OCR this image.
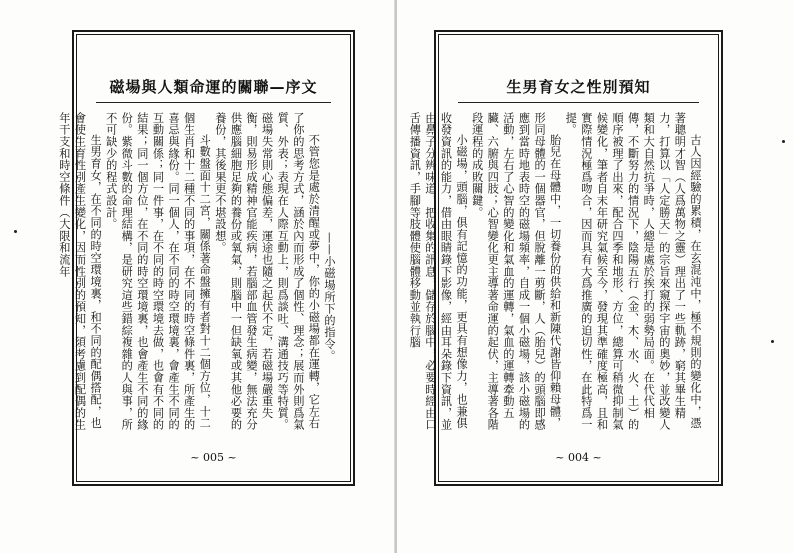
磁場與人類命運的關聯—序文

——小磁場所下的指令。

不管您是處於清醒或夢中，你的小磁場都在運轉，它左右了你的思考方式，涵於內而形成了個性、理念；展而外則爲氣質、外表；表現在人際互動上，則爲談吐、溝通技巧等特質。磁場失常則心態偏差，運途也隨之起伏不定，若磁場嚴重失衡，則易形成精神官能疾病，若腦部血管發生病變，無法充分供應腦細胞足夠的養份或氧氣，則腦中一但缺氧或其他必要的養份，其後果更不堪設想。

斗數盤面十二宮，關係著命盤擁有者對十二個方位，十二個生肖和十二種不同的事項，在不同的時空條件裏，所產生的喜忌與緣份。同一個人，在不同的時空環境裏，會產生不同的互動關係；同一件事，在不同的時空環境去做，也會有不同的結果；同一個方位，在不同的時空環境裏，也會產生不同的緣份。紫微斗數的命理結構，是研究這些錯綜複雜的人與事，所不可缺少的程式設計。

生男育女，在不同的時空環境裏，和不同的配偶搭配，也會使生育性別產生變化，因而性別的預知，須考慮到配偶的生年干支和時空條件（大限和流年

~ 005 ~
生男育女之性別預知

古人因經驗的累積，在玄混沌中，極不規則的變化中，憑著聰明才智（人爲萬物之靈）理出了一些軌跡，窮其畢生精力，打算以「人定勝天」的宗旨來窺探宇宙的奧妙，並改變人類和大自然抗爭時，人總是處於挨打的弱勢局面。在代代相傳，不斷努力的情況下，陰陽五行（金、木、水、火、土）的順序被理了出來，配合四季和地形、方位，總算可稍微抑制氣候變化，筆者自末年研究氣候至今，發現其準確度極高，且和實際情況極爲吻合，因而具有大爲推廣的迫切性，在此特爲一提。

胎兒在母體中，一切養份的供給和新陳代謝皆仰賴母體，形同母體的一個器官，但脫離一剪斷，人（胎兒）的頭腦即感應到當時地表時空的磁場頻率，自成一個小磁場，該小磁場的活動，左右了心智的變化和氣血的運轉，氣血的運轉牽動五臟、六腑與四肢；心智變化更主導著命運的起伏，主導著各階段運程的成敗關鍵。

小磁場，頭腦，俱有記憶的功能，更具有想像力，也兼俱收發資訊的能力，借由眼睛錄下影像，經由耳朵錄下資訊，並由鼻子分辨味道，把收集的訊息，儲存於腦中，必要時經由口舌傳播資訊，手腳等肢體使腦體移動並執行腦

~ 004 ~
